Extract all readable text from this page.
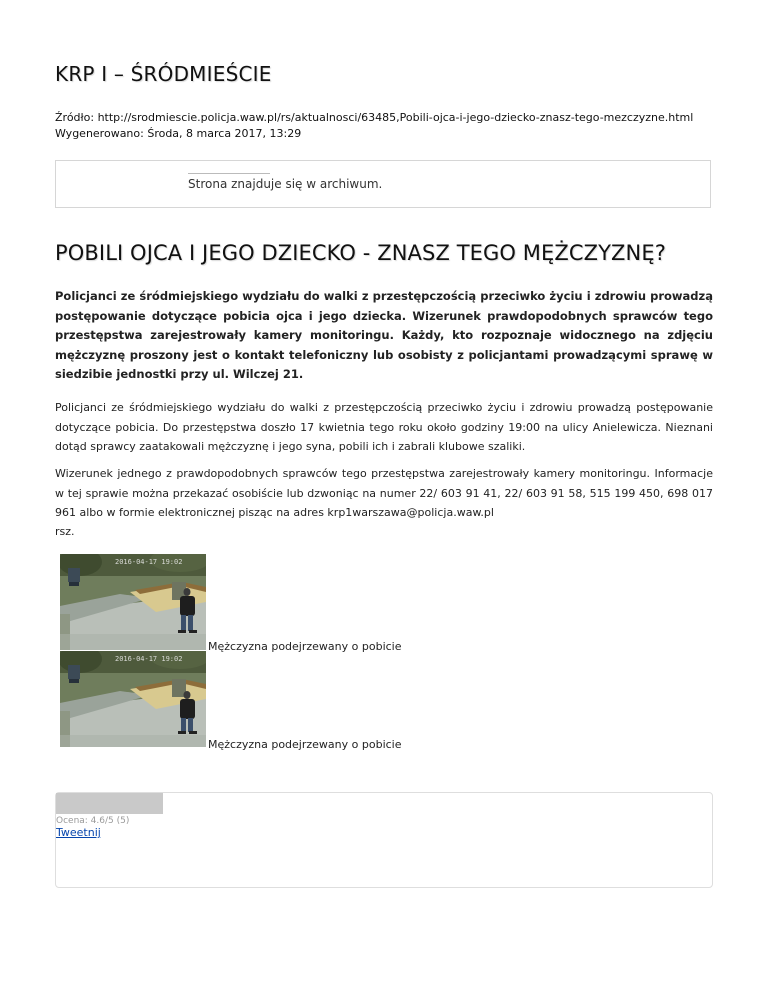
KRP I – ŚRÓDMIEŚCIE
Źródło: http://srodmiescie.policja.waw.pl/rs/aktualnosci/63485,Pobili-ojca-i-jego-dziecko-znasz-tego-mezczyzne.html
Wygenerowano: Środa, 8 marca 2017, 13:29
Strona znajduje się w archiwum.
POBILI OJCA I JEGO DZIECKO - ZNASZ TEGO MĘŻCZYZNĘ?

Policjanci ze śródmiejskiego wydziału do walki z przestępczością przeciwko życiu i zdrowiu prowadzą postępowanie dotyczące pobicia ojca i jego dziecka. Wizerunek prawdopodobnych sprawców tego przestępstwa zarejestrowały kamery monitoringu. Każdy, kto rozpoznaje widocznego na zdjęciu mężczyznę proszony jest o kontakt telefoniczny lub osobisty z policjantami prowadzącymi sprawę w siedzibie jednostki przy ul. Wilczej 21.

Policjanci ze śródmiejskiego wydziału do walki z przestępczością przeciwko życiu i zdrowiu prowadzą postępowanie dotyczące pobicia. Do przestępstwa doszło 17 kwietnia tego roku około godziny 19:00 na ulicy Anielewicza. Nieznani dotąd sprawcy zaatakowali mężczyznę i jego syna, pobili ich i zabrali klubowe szaliki.

Wizerunek jednego z prawdopodobnych sprawców tego przestępstwa zarejestrowały kamery monitoringu. Informacje w tej sprawie można przekazać osobiście lub dzwoniąc na numer 22/ 603 91 41, 22/ 603 91 58, 515 199 450, 698 017 961 albo w formie elektronicznej pisząc na adres krp1warszawa@policja.waw.pl

rsz.
2016-04-17 19:02
Mężczyzna podejrzewany o pobicie
2016-04-17 19:02
Mężczyzna podejrzewany o pobicie
Ocena: 4.6/5 (5)
Tweetnij
